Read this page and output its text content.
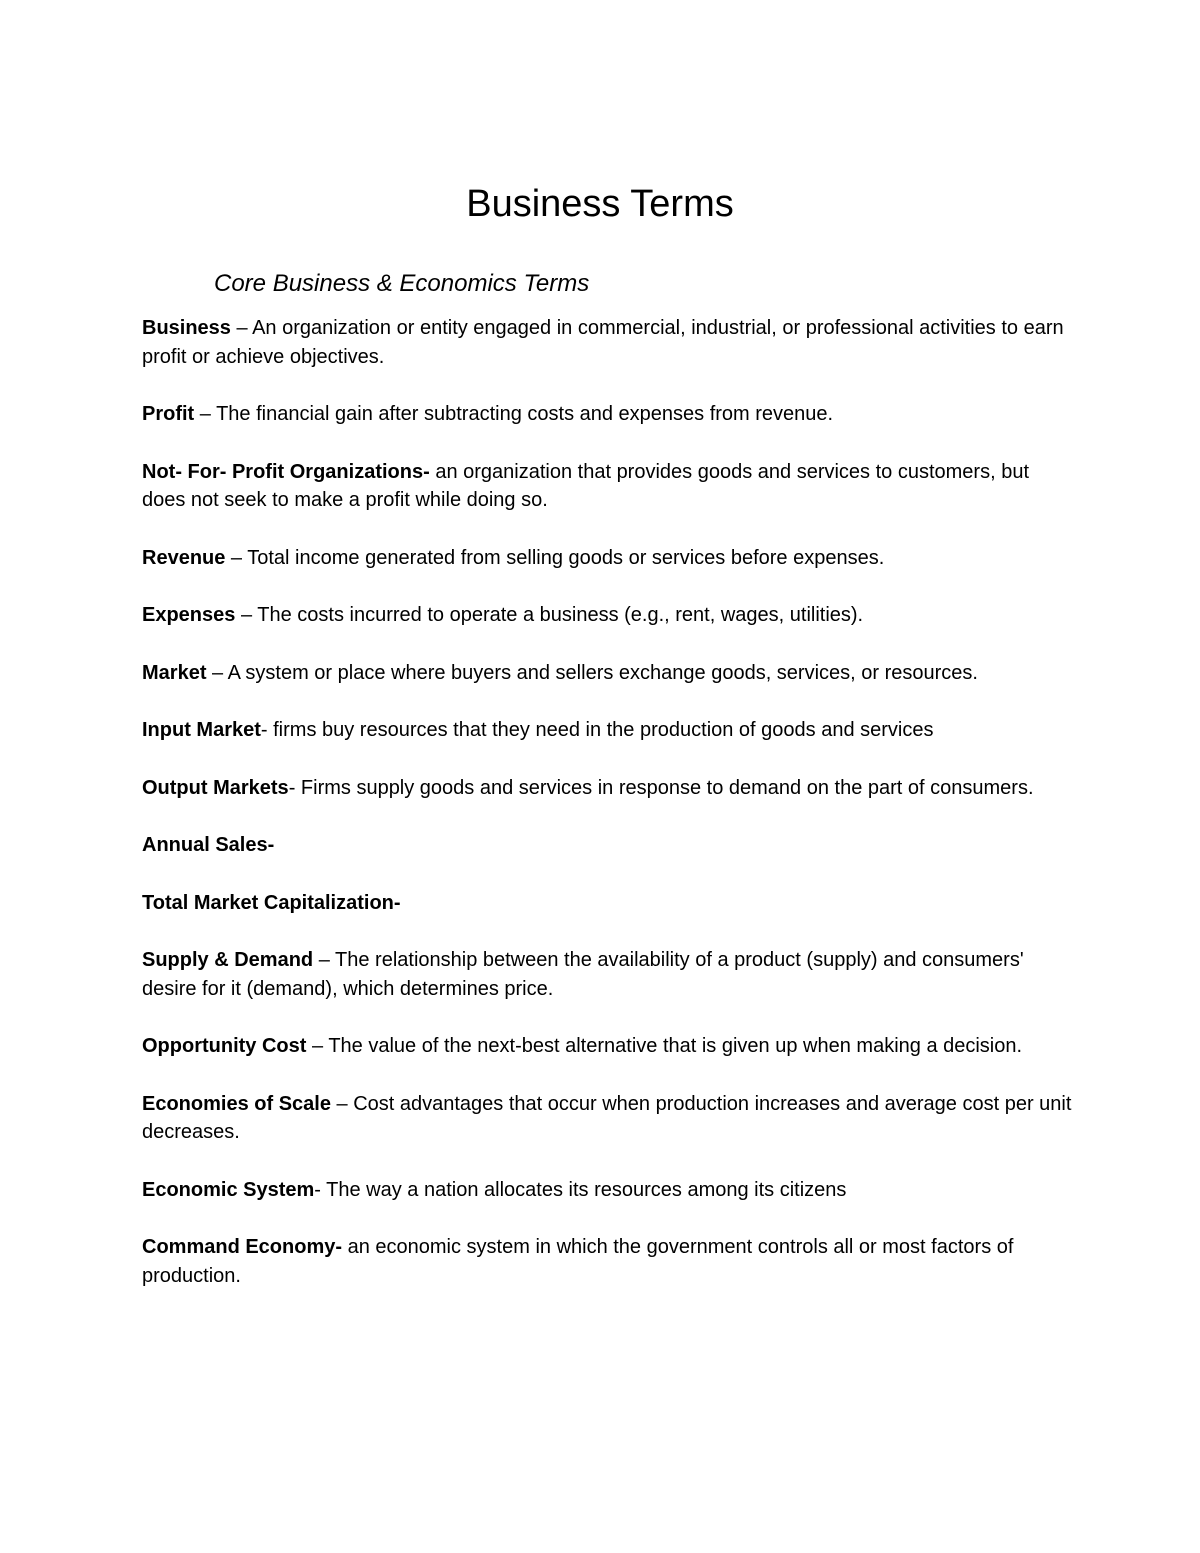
Business Terms
Core Business & Economics Terms
Business – An organization or entity engaged in commercial, industrial, or professional activities to earn profit or achieve objectives.
Profit – The financial gain after subtracting costs and expenses from revenue.
Not- For- Profit Organizations- an organization that provides goods and services to customers, but does not seek to make a profit while doing so.
Revenue – Total income generated from selling goods or services before expenses.
Expenses – The costs incurred to operate a business (e.g., rent, wages, utilities).
Market – A system or place where buyers and sellers exchange goods, services, or resources.
Input Market- firms buy resources that they need in the production of goods and services
Output Markets- Firms supply goods and services in response to demand on the part of consumers.
Annual Sales-
Total Market Capitalization-
Supply & Demand – The relationship between the availability of a product (supply) and consumers' desire for it (demand), which determines price.
Opportunity Cost – The value of the next-best alternative that is given up when making a decision.
Economies of Scale – Cost advantages that occur when production increases and average cost per unit decreases.
Economic System- The way a nation allocates its resources among its citizens
Command Economy- an economic system in which the government controls all or most factors of production.
